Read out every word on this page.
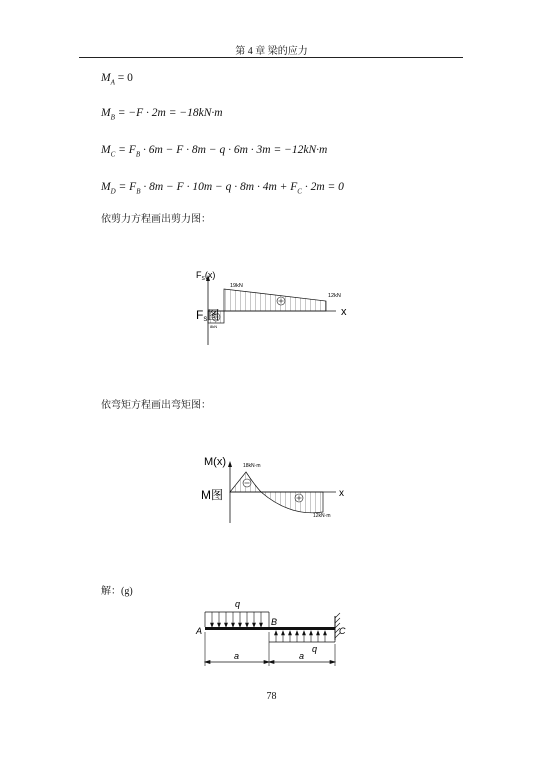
第 4 章 梁的应力
$M_A = 0$
$M_B = -F \cdot 2m = -18kN\cdot m$
$M_C = F_B \cdot 6m - F \cdot 8m - q \cdot 6m \cdot 3m = -12kN\cdot m$
$M_D = F_B \cdot 8m - F \cdot 10m - q \cdot 8m \cdot 4m + F_C \cdot 2m = 0$
依剪力方程画出剪力图：
$F_S(x)$
19kN
12kN
8kN
x
FS图
依弯矩方程画出弯矩图：
M(x)	18kN·m
12kN·m
x
M图
解：(g)
q
q
A
B
C
a	a
78
